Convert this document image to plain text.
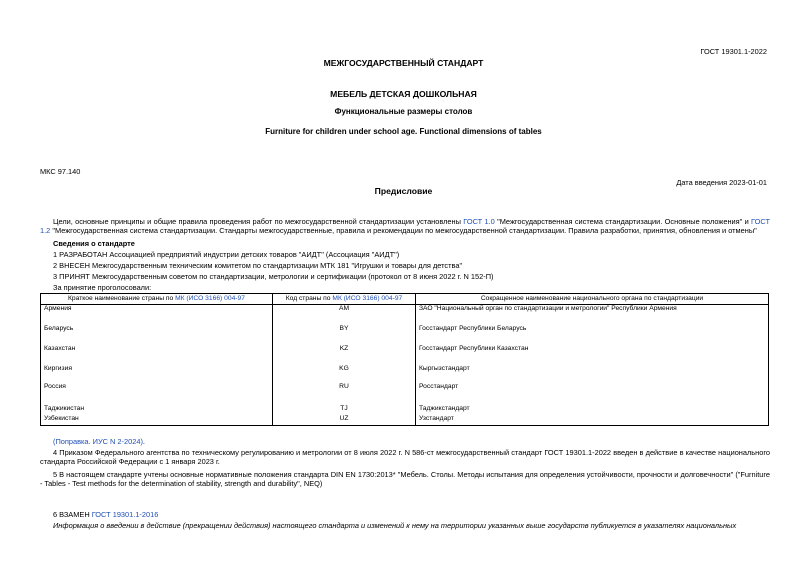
ГОСТ 19301.1-2022
МЕЖГОСУДАРСТВЕННЫЙ СТАНДАРТ
МЕБЕЛЬ ДЕТСКАЯ ДОШКОЛЬНАЯ
Функциональные размеры столов
Furniture for children under school age. Functional dimensions of tables
МКС 97.140
Дата введения 2023-01-01
Предисловие
Цели, основные принципы и общие правила проведения работ по межгосударственной стандартизации установлены ГОСТ 1.0 "Межгосударственная система стандартизации. Основные положения" и ГОСТ 1.2 "Межгосударственная система стандартизации. Стандарты межгосударственные, правила и рекомендации по межгосударственной стандартизации. Правила разработки, принятия, обновления и отмены"
Сведения о стандарте
1 РАЗРАБОТАН Ассоциацией предприятий индустрии детских товаров "АИДТ" (Ассоциация "АИДТ")
2 ВНЕСЕН Межгосударственным техническим комитетом по стандартизации МТК 181 "Игрушки и товары для детства"
3 ПРИНЯТ Межгосударственным советом по стандартизации, метрологии и сертификации (протокол от 8 июня 2022 г. N 152-П)
За принятие проголосовали:
Краткое наименование страны по МК (ИСО 3166) 004-97	Код страны по МК (ИСО 3166) 004-97	Сокращенное наименование национального органа по стандартизации
Армения	AM	ЗАО "Национальный орган по стандартизации и метрологии" Республики Армения
Беларусь	BY	Госстандарт Республики Беларусь
Казахстан	KZ	Госстандарт Республики Казахстан
Киргизия	KG	Кыргызстандарт
Россия	RU	Росстандарт
Таджикистан	TJ	Таджикстандарт
Узбекистан	UZ	Узстандарт
(Поправка. ИУС N 2-2024).
4 Приказом Федерального агентства по техническому регулированию и метрологии от 8 июля 2022 г. N 586-ст межгосударственный стандарт ГОСТ 19301.1-2022 введен в действие в качестве национального стандарта Российской Федерации с 1 января 2023 г.
5 В настоящем стандарте учтены основные нормативные положения стандарта DIN EN 1730:2013* "Мебель. Столы. Методы испытания для определения устойчивости, прочности и долговечности" ("Furniture - Tables - Test methods for the determination of stability, strength and durability", NEQ)
6 ВЗАМЕН ГОСТ 19301.1-2016
Информация о введении в действие (прекращении действия) настоящего стандарта и изменений к нему на территории указанных выше государств публикуется в указателях национальных
